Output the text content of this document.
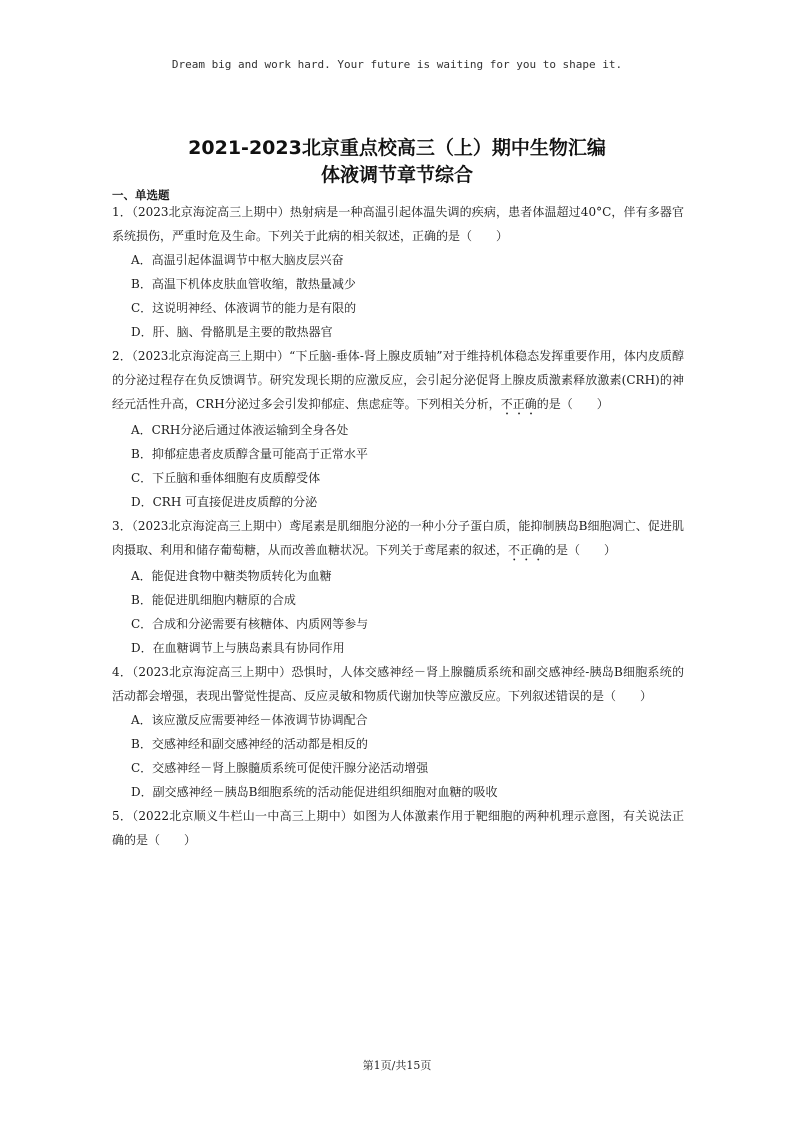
Dream big and work hard. Your future is waiting for you to shape it.
2021-2023北京重点校高三（上）期中生物汇编
体液调节章节综合
一、单选题

1．（2023北京海淀高三上期中）热射病是一种高温引起体温失调的疾病，患者体温超过40°C，伴有多器官系统损伤，严重时危及生命。下列关于此病的相关叙述，正确的是（　　）

A．高温引起体温调节中枢大脑皮层兴奋

B．高温下机体皮肤血管收缩，散热量减少

C．这说明神经、体液调节的能力是有限的

D．肝、脑、骨骼肌是主要的散热器官

2．（2023北京海淀高三上期中）“下丘脑-垂体-肾上腺皮质轴”对于维持机体稳态发挥重要作用，体内皮质醇的分泌过程存在负反馈调节。研究发现长期的应激反应，会引起分泌促肾上腺皮质激素释放激素(CRH)的神经元活性升高，CRH分泌过多会引发抑郁症、焦虑症等。下列相关分析，不正确的是（　　）

A．CRH分泌后通过体液运输到全身各处

B．抑郁症患者皮质醇含量可能高于正常水平

C．下丘脑和垂体细胞有皮质醇受体

D．CRH 可直接促进皮质醇的分泌

3．（2023北京海淀高三上期中）鸢尾素是肌细胞分泌的一种小分子蛋白质，能抑制胰岛B细胞凋亡、促进肌肉摄取、利用和储存葡萄糖，从而改善血糖状况。下列关于鸢尾素的叙述，不正确的是（　　）

A．能促进食物中糖类物质转化为血糖

B．能促进肌细胞内糖原的合成

C．合成和分泌需要有核糖体、内质网等参与

D．在血糖调节上与胰岛素具有协同作用

4．（2023北京海淀高三上期中）恐惧时，人体交感神经－肾上腺髓质系统和副交感神经-胰岛B细胞系统的活动都会增强，表现出警觉性提高、反应灵敏和物质代谢加快等应激反应。下列叙述错误的是（　　）

A．该应激反应需要神经－体液调节协调配合

B．交感神经和副交感神经的活动都是相反的

C．交感神经－肾上腺髓质系统可促使汗腺分泌活动增强

D．副交感神经－胰岛B细胞系统的活动能促进组织细胞对血糖的吸收

5．（2022北京顺义牛栏山一中高三上期中）如图为人体激素作用于靶细胞的两种机理示意图，有关说法正确的是（　　）

第1页/共15页
